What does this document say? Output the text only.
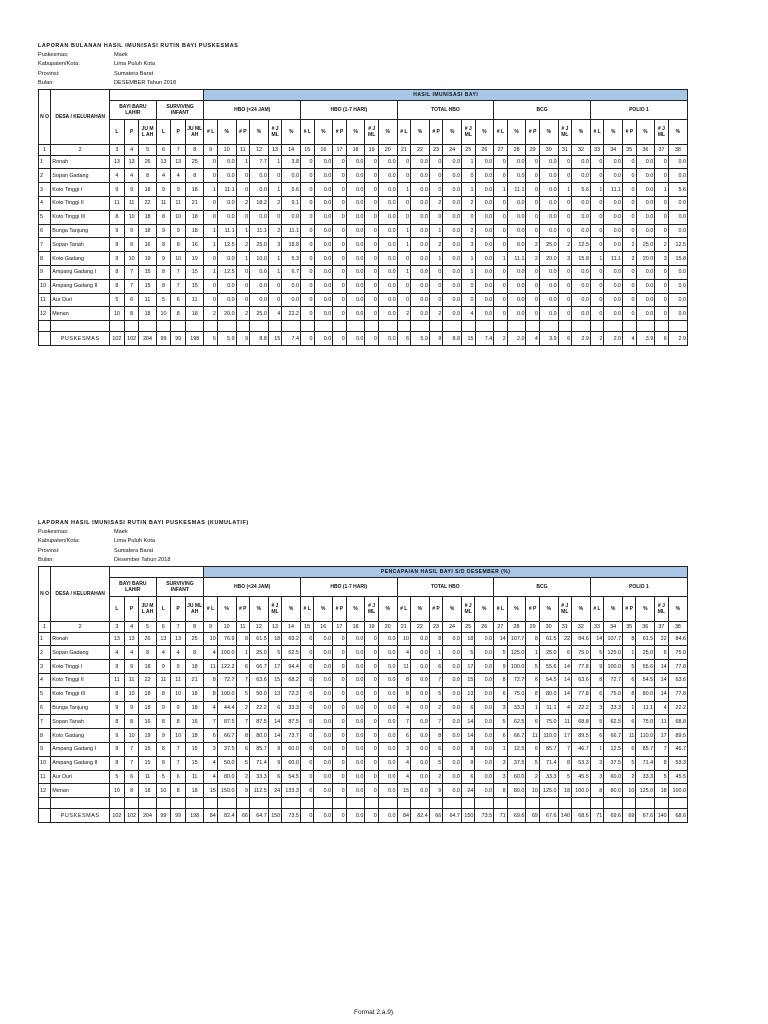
LAPORAN BULANAN HASIL IMUNISASI RUTIN BAYI PUSKESMAS
Puskesmas:	Maek
Kabupaten/Kota:	Lima Puluh Kota
Provinsi:	Sumatera Barat
Bulan:	DESEMBER Tahun 2018
N O	DESA / KELURAHAN							HASIL IMUNISASI BAYI																													
		BAYI BARU LAHIR			SURVIVING INFANT			HBO (<24 JAM)						HBO (1-7 HARI)						TOTAL HBO						BCG						POLIO 1					
		L	P	JU ML AH	L	P	JU ML AH	# L	%	# P	%	# JML	%	# L	%	# P	%	# JML	%	# L	%	# P	%	# JML	%	# L	%	# P	%	# JML	%	# L	%	# P	%	# JML	%
1	2	3	4	5	6	7	8	9	10	11	12	13	14	15	16	17	18	19	20	21	22	23	24	25	26	27	28	29	30	31	32	33	34	35	36	37	38
1	Ronah	13	13	26	13	13	25	0	0.0	1	7.7	1	3.8	0	0.0	0	0.0	0	0.0	0	0.0	0	0.0	1	0.0	0	0.0	0	0.0	0	0.0	0	0.0	0	0.0	0	0.0
2	Sopan Gadang	4	4	8	4	4	8	0	0.0	0	0.0	0	0.0	0	0.0	0	0.0	0	0.0	0	0.0	0	0.0	0	0.0	0	0.0	0	0.0	0	0.0	0	0.0	0	0.0	0	0.0
3	Koto Tinggi I	9	9	18	9	9	18	1	11.1	0	0.0	1	5.6	0	0.0	0	0.0	0	0.0	1	0.0	0	0.0	1	0.0	1	11.1	0	0.0	1	5.6	1	11.1	0	0.0	1	5.6
4	Koto Tinggi II	11	11	22	11	11	21	0	0.0	2	18.2	2	9.1	0	0.0	0	0.0	0	0.0	0	0.0	2	0.0	2	0.0	0	0.0	0	0.0	0	0.0	0	0.0	0	0.0	0	0.0
5	Koto Tinggi III	8	10	18	8	10	18	0	0.0	0	0.0	0	0.0	0	0.0	0	0.0	0	0.0	0	0.0	0	0.0	0	0.0	0	0.0	0	0.0	0	0.0	0	0.0	0	0.0	0	0.0
6	Bunga Tanjung	9	9	18	9	9	18	1	11.1	1	11.1	2	11.1	0	0.0	0	0.0	0	0.0	1	0.0	1	0.0	2	0.0	0	0.0	0	0.0	0	0.0	0	0.0	0	0.0	0	0.0
7	Sopan Tanah	8	8	16	8	8	16	1	12.5	2	25.0	3	18.8	0	0.0	0	0.0	0	0.0	1	0.0	2	0.0	3	0.0	0	0.0	2	25.0	2	12.5	0	0.0	2	25.0	2	12.5
8	Koto Gadang	9	10	19	9	10	19	0	0.0	1	10.0	1	5.3	0	0.0	0	0.0	0	0.0	0	0.0	1	0.0	1	0.0	1	11.1	2	20.0	3	15.8	1	11.1	2	20.0	3	15.8
9	Ampang Gadang I	8	7	15	8	7	15	1	12.5	0	0.0	1	6.7	0	0.0	0	0.0	0	0.0	1	0.0	0	0.0	1	0.0	0	0.0	0	0.0	0	0.0	0	0.0	0	0.0	0	0.0
10	Ampang Gadang II	8	7	15	8	7	15	0	0.0	0	0.0	0	0.0	0	0.0	0	0.0	0	0.0	0	0.0	0	0.0	0	0.0	0	0.0	0	0.0	0	0.0	0	0.0	0	0.0	0	0.0
11	Aur Duri	5	6	11	5	6	11	0	0.0	0	0.0	0	0.0	0	0.0	0	0.0	0	0.0	0	0.0	0	0.0	0	0.0	0	0.0	0	0.0	0	0.0	0	0.0	0	0.0	0	0.0
12	Menan	10	8	18	10	8	18	2	20.0	2	25.0	4	22.2	0	0.0	0	0.0	0	0.0	2	0.0	2	0.0	4	0.0	0	0.0	0	0.0	0	0.0	0	0.0	0	0.0	0	0.0

	PUSKESMAS	102	102	204	99	99	198	6	5.9	9	8.8	15	7.4	0	0.0	0	0.0	0	0.0	6	5.9	9	8.8	15	7.4	2	2.0	4	3.9	6	2.9	2	2.0	4	3.9	6	2.9
LAPORAN HASIL IMUNISASI RUTIN BAYI PUSKESMAS (KUMULATIF)
Puskesmas:	Maek
Kabupaten/Kota:	Lima Puluh Kota
Provinsi:	Sumatera Barat
Bulan:	Desember Tahun 2018
N O	DESA / KELURAHAN							PENCAPAIAN HASIL BAYI S/D DESEMBER (%)																													
		BAYI BARU LAHIR			SURVIVING INFANT			HBO (<24 JAM)						HBO (1-7 HARI)						TOTAL HBO						BCG						POLIO 1					
		L	P	JU ML AH	L	P	JU ML AH	# L	%	# P	%	# JML	%	# L	%	# P	%	# JML	%	# L	%	# P	%	# JML	%	# L	%	# P	%	# JML	%	# L	%	# P	%	# JML	%
1	2	3	4	5	6	7	8	9	10	11	12	13	14	15	16	17	18	19	20	21	22	23	24	25	26	27	28	29	30	31	32	33	34	35	36	37	38
1	Ronah	13	13	26	13	13	25	10	76.9	8	61.5	18	69.2	0	0.0	0	0.0	0	0.0	10	0.0	8	0.0	18	0.0	14	107.7	8	61.5	22	84.6	14	107.7	8	61.5	22	84.6
2	Sopan Gadang	4	4	8	4	4	8	4	100.0	1	25.0	5	62.5	0	0.0	0	0.0	0	0.0	4	0.0	1	0.0	5	0.0	5	125.0	1	25.0	6	75.0	5	125.0	1	25.0	6	75.0
3	Koto Tinggi I	9	9	18	9	9	18	11	122.2	6	66.7	17	94.4	0	0.0	0	0.0	0	0.0	11	0.0	6	0.0	17	0.0	9	100.0	5	55.6	14	77.8	9	100.0	5	55.6	14	77.8
4	Koto Tinggi II	11	11	22	11	11	21	8	72.7	7	63.6	15	68.2	0	0.0	0	0.0	0	0.0	8	0.0	7	0.0	15	0.0	8	72.7	6	54.5	14	63.6	8	72.7	6	54.5	14	63.6
5	Koto Tinggi III	8	10	18	8	10	18	8	100.0	5	50.0	13	72.2	0	0.0	0	0.0	0	0.0	8	0.0	5	0.0	13	0.0	6	75.0	8	80.0	14	77.8	6	75.0	8	80.0	14	77.8
6	Bunga Tanjung	9	9	18	9	9	18	4	44.4	2	22.2	6	33.3	0	0.0	0	0.0	0	0.0	4	0.0	2	0.0	6	0.0	3	33.3	1	11.1	4	22.2	3	33.3	1	11.1	4	22.2
7	Sopan Tanah	8	8	16	8	8	16	7	87.5	7	87.5	14	87.5	0	0.0	0	0.0	0	0.0	7	0.0	7	0.0	14	0.0	5	62.5	6	75.0	11	68.8	5	62.5	6	75.0	11	68.8
8	Koto Gadang	9	10	19	9	10	18	6	66.7	8	80.0	14	73.7	0	0.0	0	0.0	0	0.0	6	0.0	8	0.0	14	0.0	6	66.7	11	110.0	17	89.5	6	66.7	11	110.0	17	89.5
9	Ampang Gadang I	8	7	15	8	7	15	3	37.5	6	85.7	9	60.0	0	0.0	0	0.0	0	0.0	3	0.0	6	0.0	9	0.0	1	12.5	6	85.7	7	46.7	1	12.5	6	85.7	7	46.7
10	Ampang Gadang II	8	7	15	8	7	15	4	50.0	5	71.4	9	60.0	0	0.0	0	0.0	0	0.0	4	0.0	5	0.0	9	0.0	3	37.5	5	71.4	8	53.3	3	37.5	5	71.4	8	53.3
11	Aur Duri	5	6	11	5	6	11	4	80.0	2	33.3	6	54.5	0	0.0	0	0.0	0	0.0	4	0.0	2	0.0	6	0.0	3	60.0	2	33.3	5	45.5	3	60.0	2	33.3	5	45.5
12	Menan	10	8	18	10	8	18	15	150.0	9	112.5	24	133.3	0	0.0	0	0.0	0	0.0	15	0.0	9	0.0	24	0.0	8	80.0	10	125.0	18	100.0	8	80.0	10	125.0	18	100.0

	PUSKESMAS	102	102	204	99	99	198	84	82.4	66	64.7	150	73.5	0	0.0	0	0.0	0	0.0	84	82.4	66	64.7	150	73.5	71	69.6	69	67.6	140	68.6	71	69.6	69	67.6	140	68.6
Format 2.a.9).
